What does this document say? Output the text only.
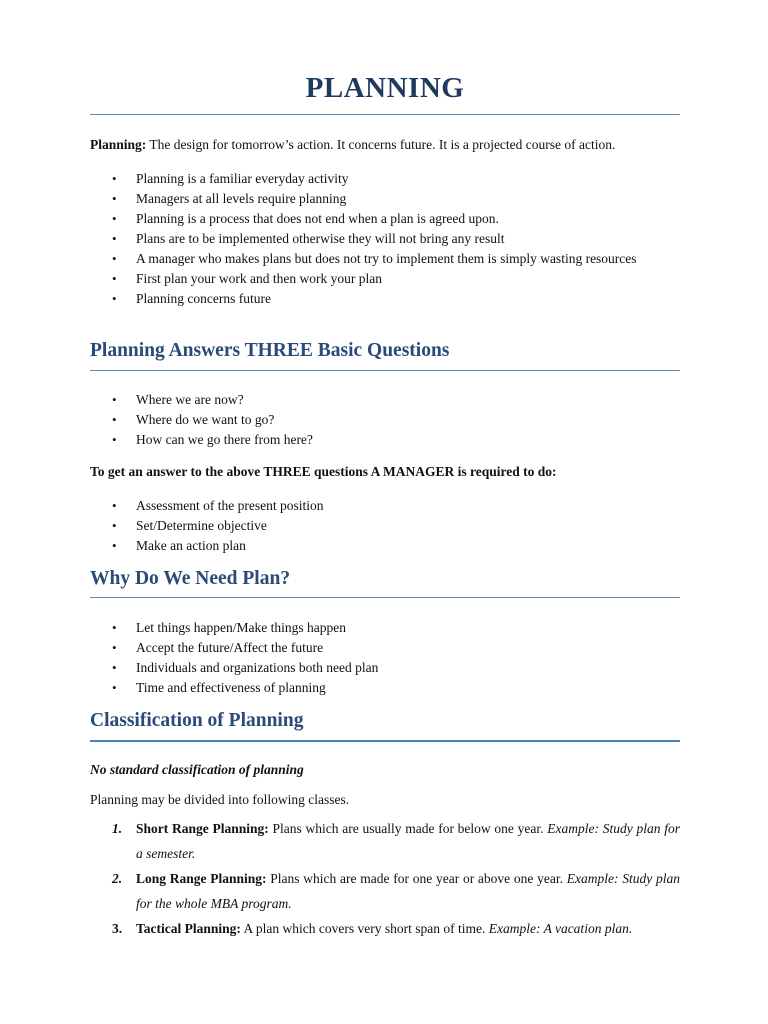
PLANNING

Planning: The design for tomorrow’s action. It concerns future. It is a projected course of action.

• Planning is a familiar everyday activity
• Managers at all levels require planning
• Planning is a process that does not end when a plan is agreed upon.
• Plans are to be implemented otherwise they will not bring any result
• A manager who makes plans but does not try to implement them is simply wasting resources
• First plan your work and then work your plan
• Planning concerns future
Planning Answers THREE Basic Questions
• Where we are now?
• Where do we want to go?
• How can we go there from here?

To get an answer to the above THREE questions A MANAGER is required to do:

• Assessment of the present position
• Set/Determine objective
• Make an action plan
Why Do We Need Plan?
• Let things happen/Make things happen
• Accept the future/Affect the future
• Individuals and organizations both need plan
• Time and effectiveness of planning
Classification of Planning

No standard classification of planning

Planning may be divided into following classes.

1. Short Range Planning: Plans which are usually made for below one year. Example: Study plan for a semester.
2. Long Range Planning: Plans which are made for one year or above one year. Example: Study plan for the whole MBA program.
3. Tactical Planning: A plan which covers very short span of time. Example: A vacation plan.
